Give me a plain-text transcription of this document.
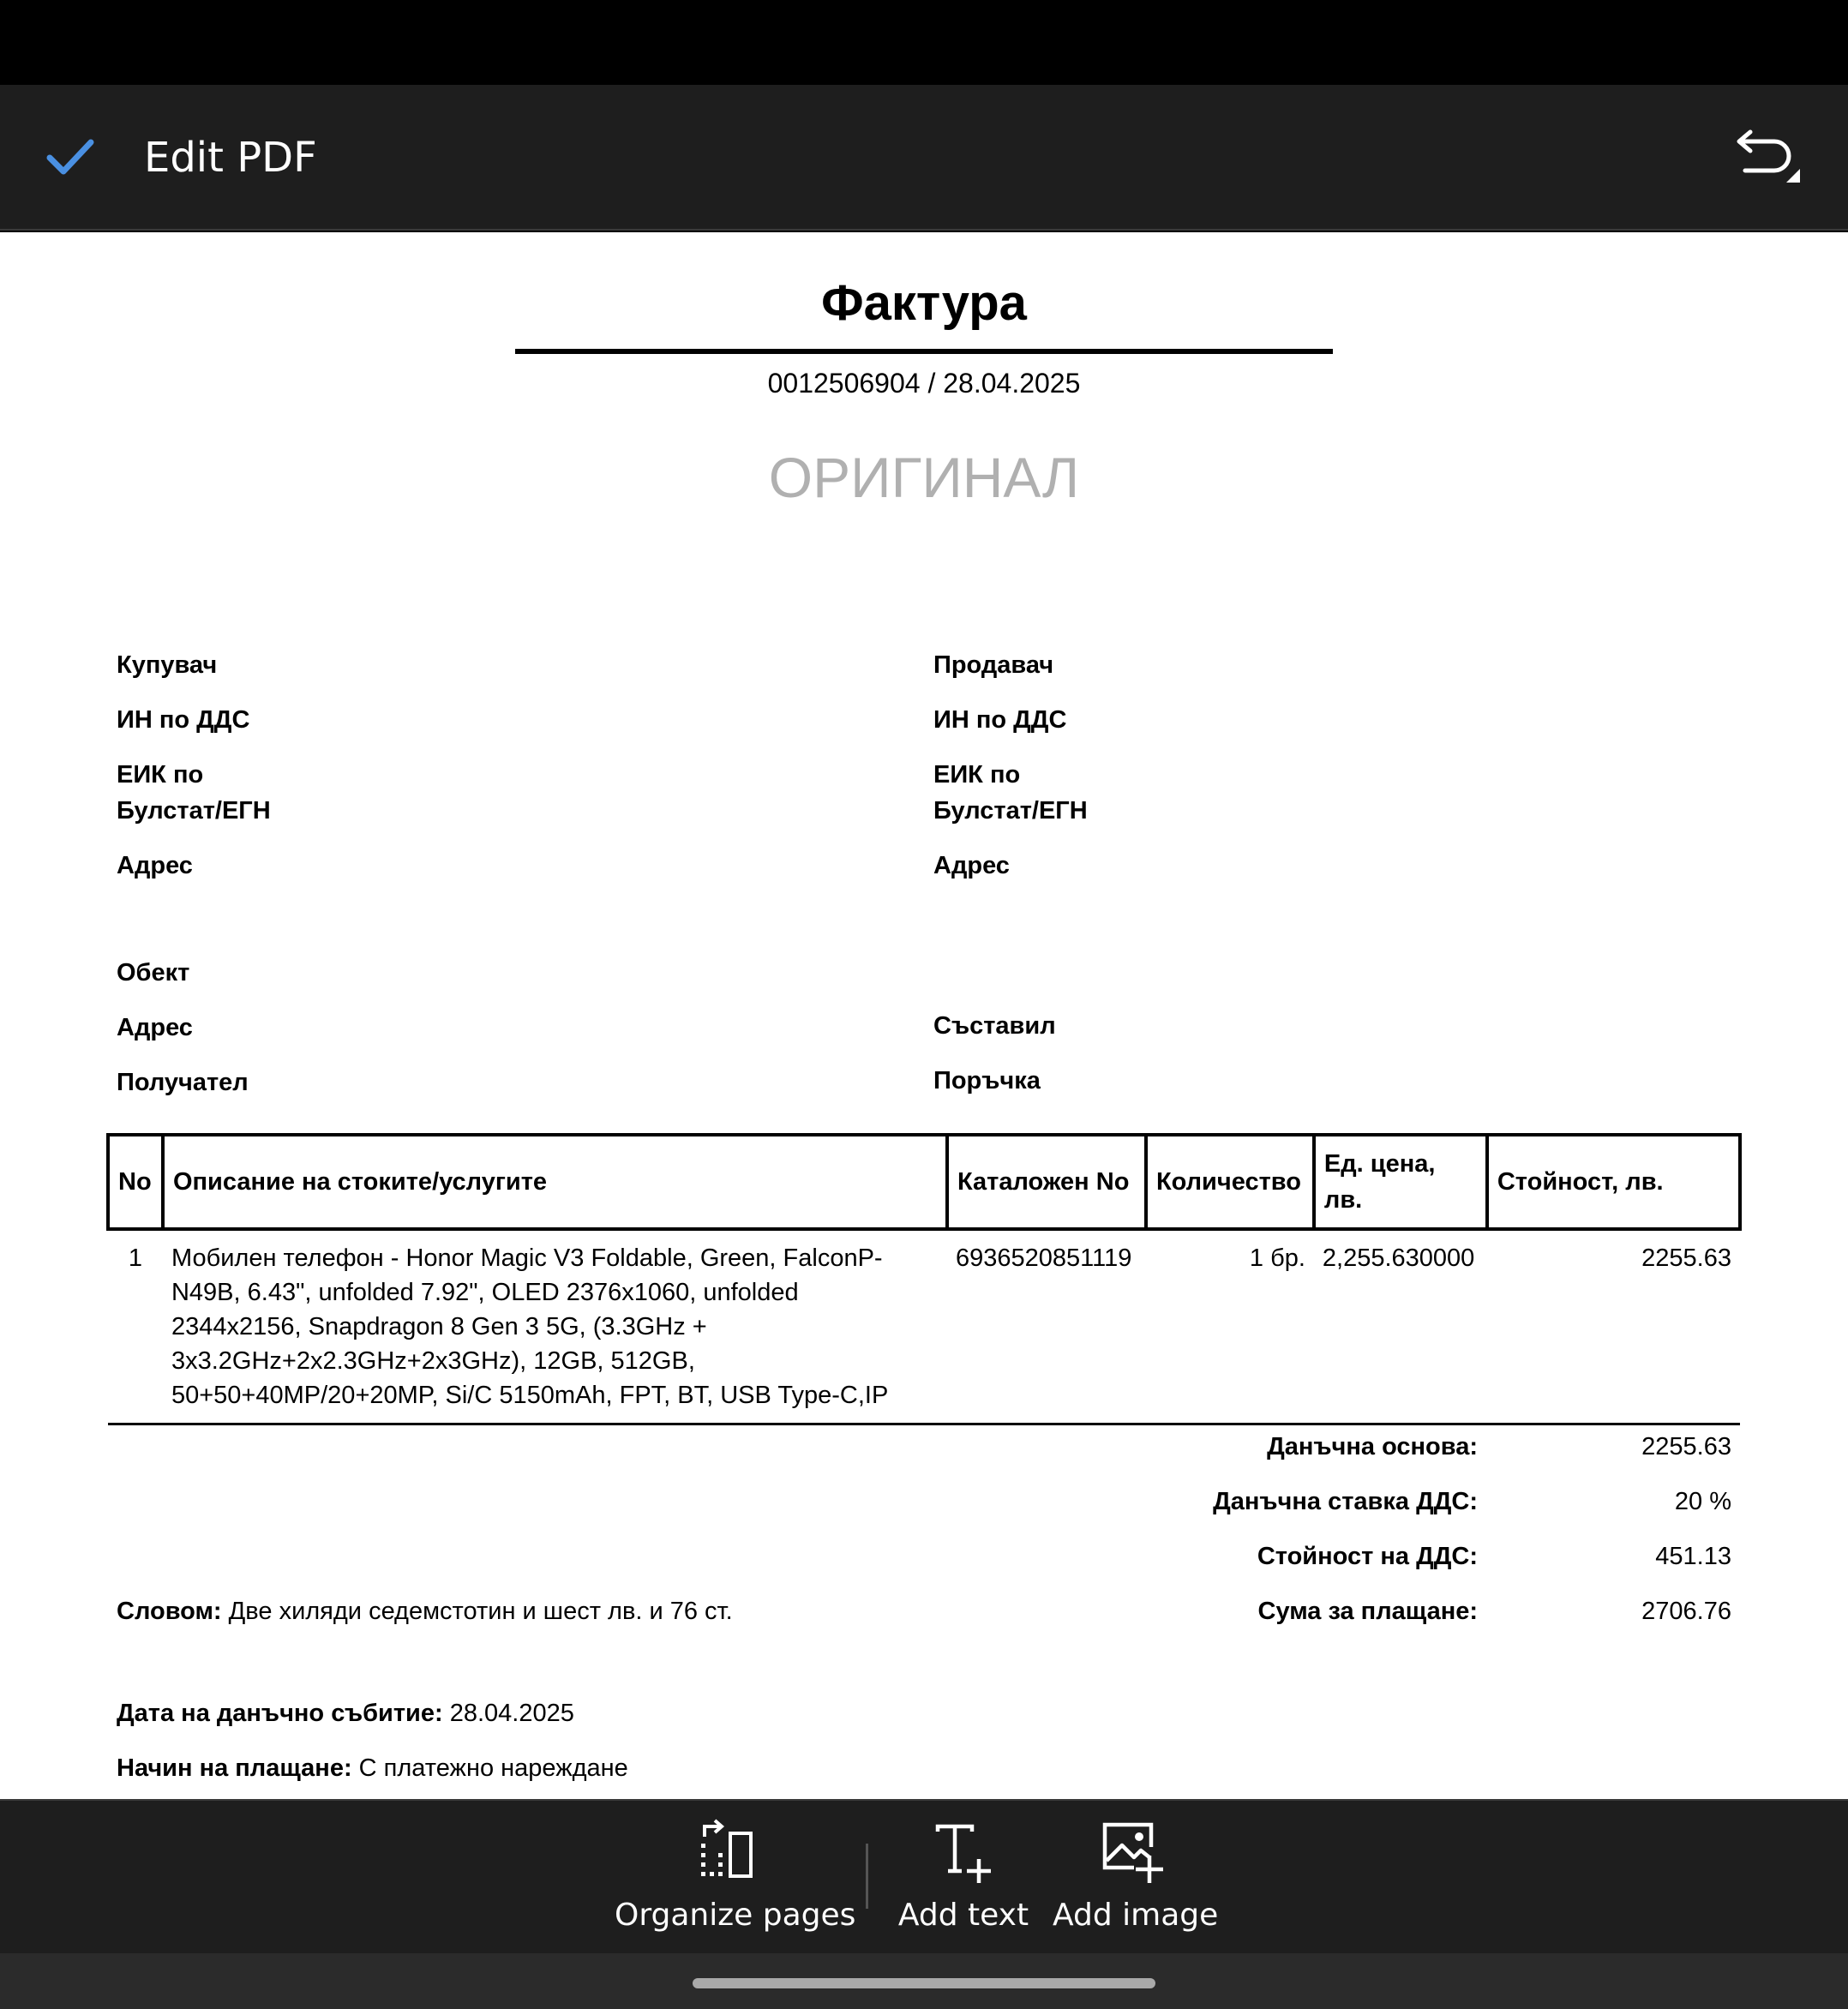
Edit PDF
Фактура
0012506904 / 28.04.2025
ОРИГИНАЛ
Купувач
ИН по ДДС
ЕИК по
Булстат/ЕГН
Адрес
Продавач
ИН по ДДС
ЕИК по
Булстат/ЕГН
Адрес
Обект
Адрес
Получател
Съставил
Поръчка
No	Описание на стоките/услугите	Каталожен No	Количество	Ед. цена, лв.	Стойност, лв.
1	Мобилен телефон - Honor Magic V3 Foldable, Green, FalconP-N49B, 6.43", unfolded 7.92", OLED 2376x1060, unfolded 2344x2156, Snapdragon 8 Gen 3 5G, (3.3GHz + 3x3.2GHz+2x2.3GHz+2x3GHz), 12GB, 512GB, 50+50+40MP/20+20MP, Si/C 5150mAh, FPT, BT, USB Type-C,IP	6936520851119	1 бр.	2,255.630000	2255.63
Данъчна основа:	2255.63
Данъчна ставка ДДС:	20 %
Стойност на ДДС:	451.13
Сума за плащане:	2706.76
Словом: Две хиляди седемстотин и шест лв. и 76 ст.
Дата на данъчно събитие: 28.04.2025
Начин на плащане: С платежно нареждане
Organize pages Add text Add image
